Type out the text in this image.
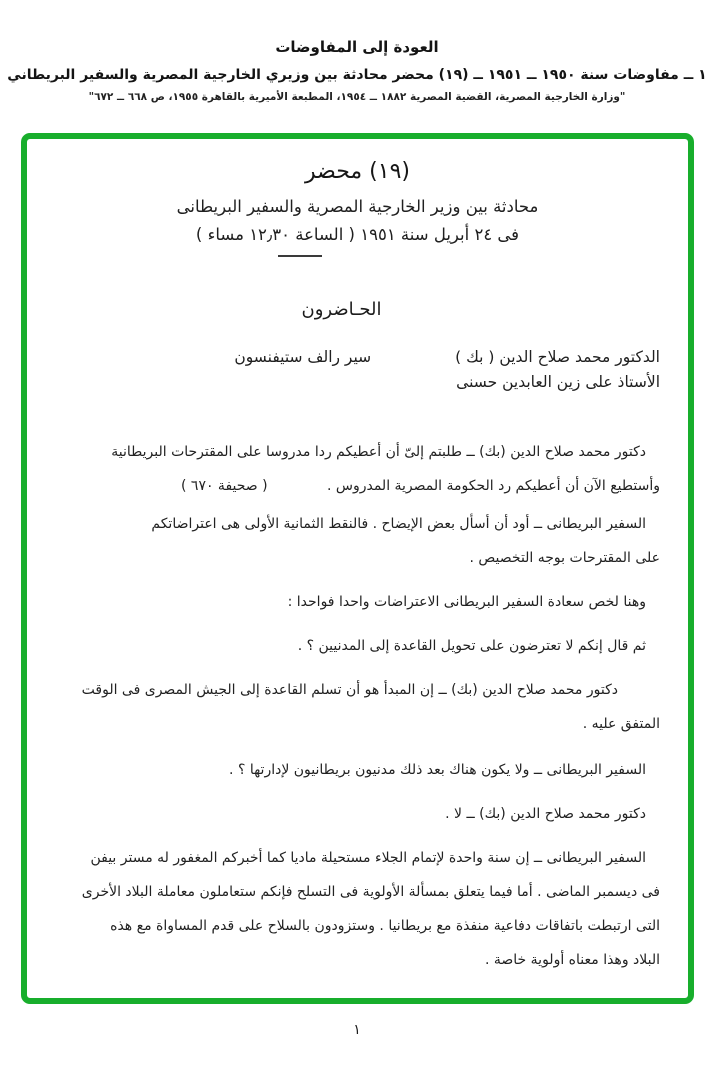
العودة إلى المفاوضات
١ ــ مفاوضات سنة ١٩٥٠ ــ ١٩٥١ ــ (١٩) محضر محادثة بين وزيري الخارجية المصرية والسفير البريطاني
"وزارة الخارجية المصرية، القضية المصرية ١٨٨٢ ــ ١٩٥٤، المطبعة الأميرية بالقاهرة ١٩٥٥، ص ٦٦٨ ــ ٦٧٢"
(١٩) محضر
محادثة بين وزير الخارجية المصرية والسفير البريطانى
فى ٢٤ أبريل سنة ١٩٥١ ( الساعة ١٢٫٣٠ مساء )
الحـاضرون
الدكتور محمد صلاح الدين ( بك )
سير رالف ستيفنسون
الأستاذ على زين العابدين حسنى
دكتور محمد صلاح الدين (بك) ــ طلبتم إلىّ أن أعطيكم ردا مدروسا على المقترحات البريطانية
وأستطيع الآن أن أعطيكم رد الحكومة المصرية المدروس .
( صحيفة ٦٧٠ )
السفير البريطانى ــ أود أن أسأل بعض الإيضاح . فالنقط الثمانية الأولى هى اعتراضاتكم
على المقترحات بوجه التخصيص .
وهنا لخص سعادة السفير البريطانى الاعتراضات واحدا فواحدا :
ثم قال إنكم لا تعترضون على تحويل القاعدة إلى المدنيين ؟ .
دكتور محمد صلاح الدين (بك) ــ إن المبدأ هو أن تسلم القاعدة إلى الجيش المصرى فى الوقت
المتفق عليه .
السفير البريطانى ــ ولا يكون هناك بعد ذلك مدنيون بريطانيون لإدارتها ؟ .
دكتور محمد صلاح الدين (بك) ــ لا .
السفير البريطانى ــ إن سنة واحدة لإتمام الجلاء مستحيلة ماديا كما أخبركم المغفور له مستر بيفن
فى ديسمبر الماضى . أما فيما يتعلق بمسألة الأولوية فى التسلح فإنكم ستعاملون معاملة البلاد الأخرى
التى ارتبطت باتفاقات دفاعية منفذة مع بريطانيا . وستزودون بالسلاح على قدم المساواة مع هذه
البلاد وهذا معناه أولوية خاصة .
١
